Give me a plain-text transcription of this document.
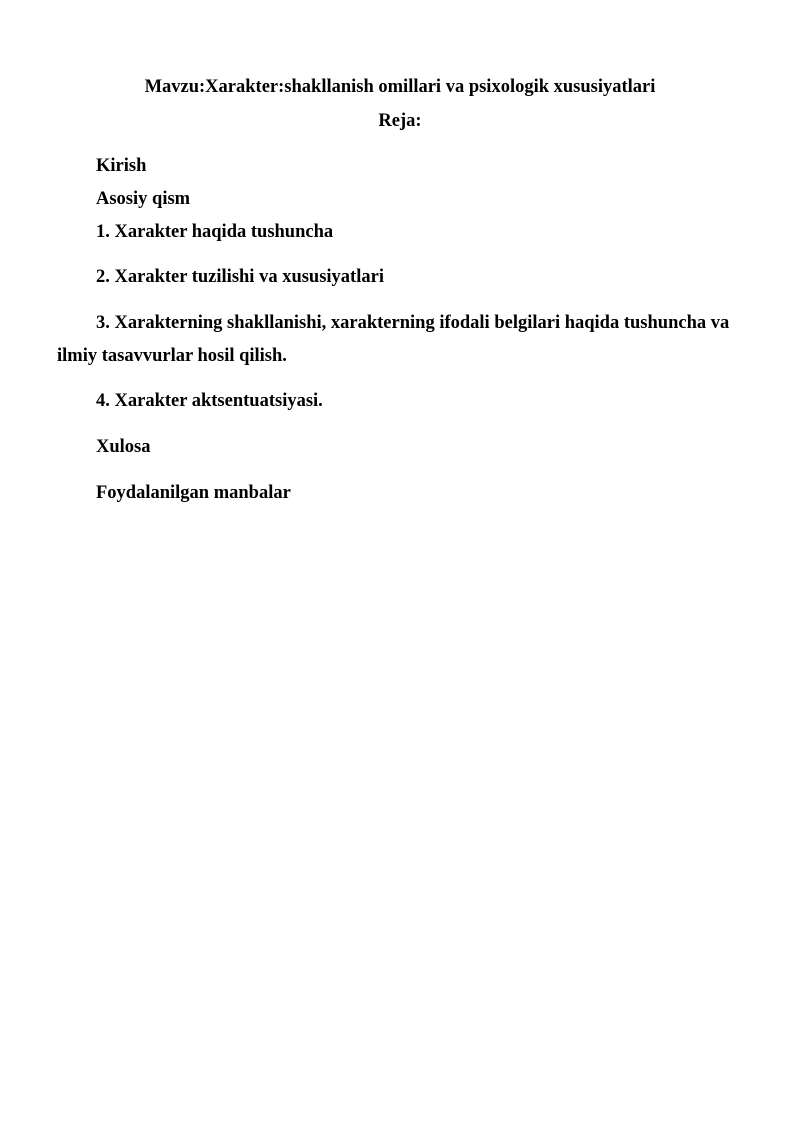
Mavzu:Xarakter:shakllanish omillari va psixologik xususiyatlari

Reja:

Kirish

Asosiy qism

1. Xarakter haqida tushuncha

2. Xarakter tuzilishi va xususiyatlari

3. Xarakterning shakllanishi, xarakterning ifodali belgilari haqida tushuncha va

ilmiy tasavvurlar hosil qilish.

4. Xarakter aktsentuatsiyasi.

Xulosa

Foydalanilgan manbalar
